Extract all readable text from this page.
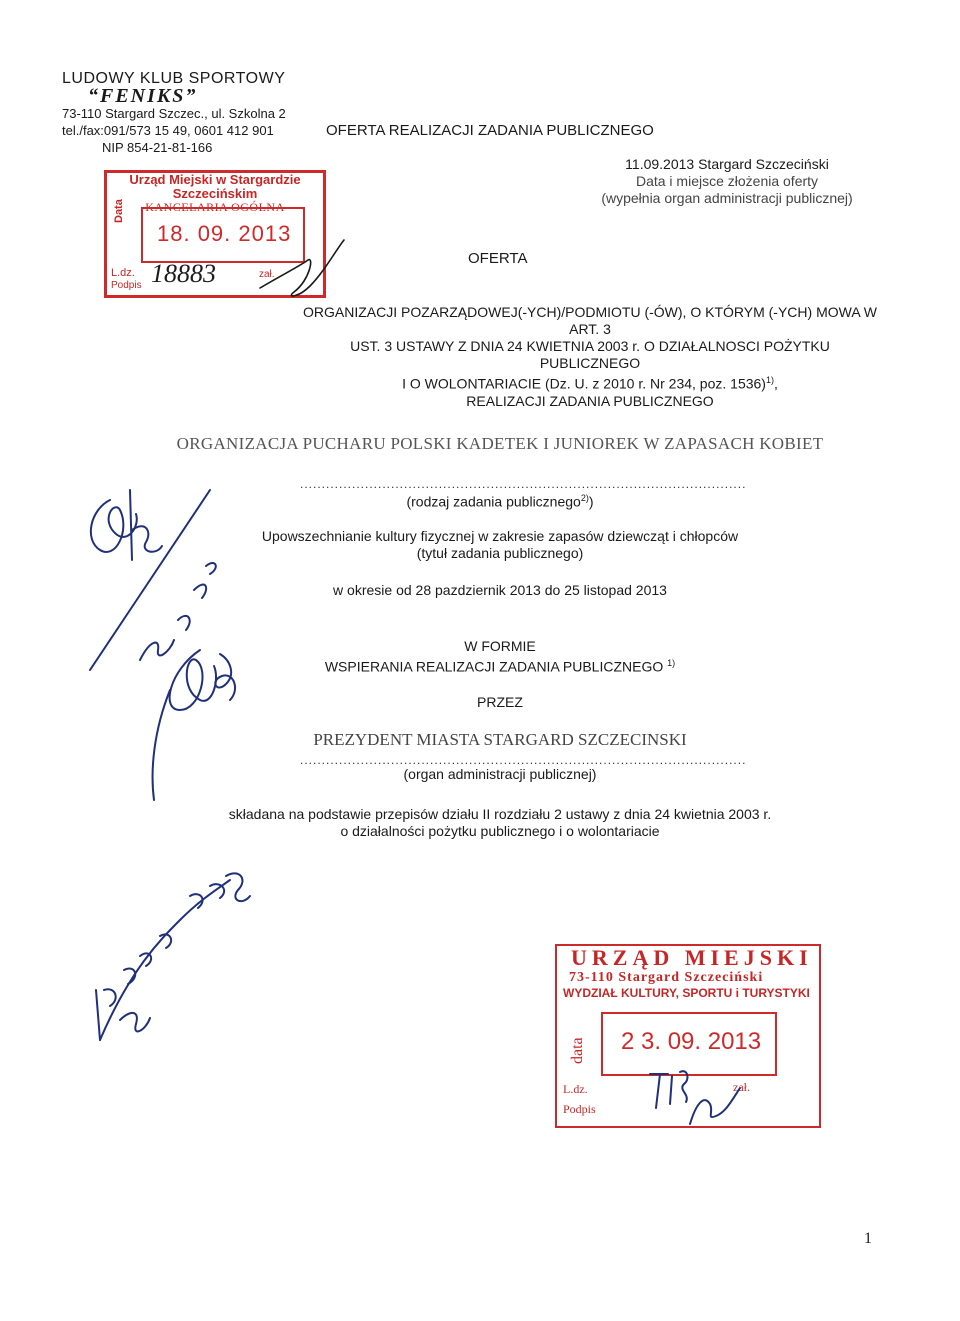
LUDOWY KLUB SPORTOWY
“FENIKS”
73-110 Stargard Szczec., ul. Szkolna 2
tel./fax:091/573 15 49, 0601 412 901
NIP 854-21-81-166
OFERTA REALIZACJI ZADANIA PUBLICZNEGO
11.09.2013 Stargard Szczeciński
Data i miejsce złożenia oferty
(wypełnia organ administracji publicznej)
Urząd Miejski w Stargardzie Szczecińskim
KANCELARIA OGÓLNA
Data
18. 09. 2013
L.dz. 18883	zał.
Podpis
OFERTA
ORGANIZACJI POZARZĄDOWEJ(-YCH)/PODMIOTU (-ÓW), O KTÓRYM (-YCH) MOWA W ART. 3
UST. 3 USTAWY Z DNIA 24 KWIETNIA 2003 r. O DZIAŁALNOSCI POŻYTKU PUBLICZNEGO
I O WOLONTARIACIE (Dz. U. z 2010 r. Nr 234, poz. 1536)$^{1)}$,
REALIZACJI ZADANIA PUBLICZNEGO
ORGANIZACJA PUCHARU POLSKI KADETEK I JUNIOREK W ZAPASACH KOBIET
.......................................................................................................
(rodzaj zadania publicznego$^{2)}$)
Upowszechnianie kultury fizycznej w zakresie zapasów dziewcząt i chłopców
(tytuł zadania publicznego)
w okresie od 28 pazdziernik 2013 do 25 listopad 2013
W FORMIE
WSPIERANIA REALIZACJI ZADANIA PUBLICZNEGO $^{1)}$
PRZEZ
PREZYDENT MIASTA STARGARD SZCZECINSKI
.......................................................................................................
(organ administracji publicznej)
składana na podstawie przepisów działu II rozdziału 2 ustawy z dnia 24 kwietnia 2003 r.
o działalności pożytku publicznego i o wolontariacie
URZĄD MIEJSKI
73-110 Stargard Szczeciński
WYDZIAŁ KULTURY, SPORTU i TURYSTYKI
data 2 3. 09. 2013
L.dz.	zał.
Podpis
1
